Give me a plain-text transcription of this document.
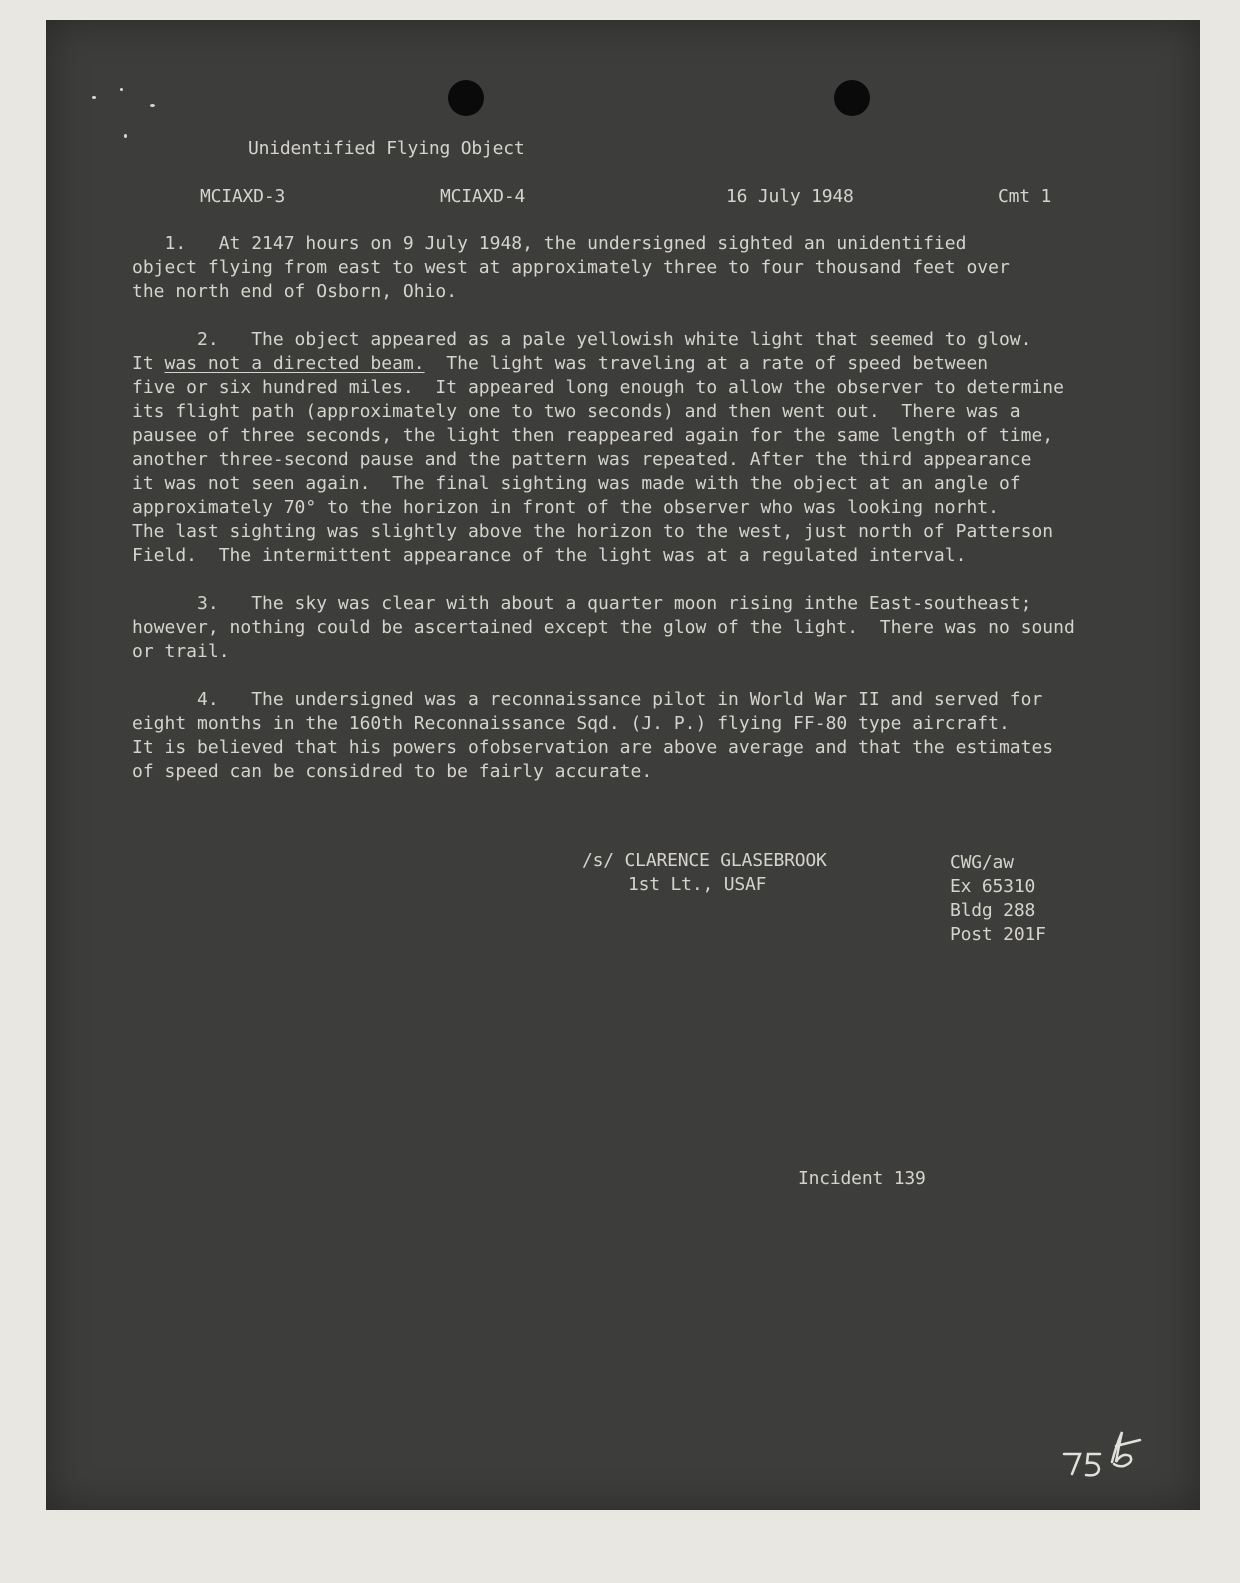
Unidentified Flying Object
MCIAXD-3	MCIAXD-4	16 July 1948	Cmt 1
1.   At 2147 hours on 9 July 1948, the undersigned sighted an unidentified
object flying from east to west at approximately three to four thousand feet over
the north end of Osborn, Ohio.
2.   The object appeared as a pale yellowish white light that seemed to glow.
It was not a directed beam.  The light was traveling at a rate of speed between
five or six hundred miles.  It appeared long enough to allow the observer to determine
its flight path (approximately one to two seconds) and then went out.  There was a
pausee of three seconds, the light then reappeared again for the same length of time,
another three-second pause and the pattern was repeated. After the third appearance
it was not seen again.  The final sighting was made with the object at an angle of
approximately 70° to the horizon in front of the observer who was looking norht.
The last sighting was slightly above the horizon to the west, just north of Patterson
Field.  The intermittent appearance of the light was at a regulated interval.
3.   The sky was clear with about a quarter moon rising inthe East-southeast;
however, nothing could be ascertained except the glow of the light.  There was no sound
or trail.
4.   The undersigned was a reconnaissance pilot in World War II and served for
eight months in the 160th Reconnaissance Sqd. (J. P.) flying FF-80 type aircraft.
It is believed that his powers ofobservation are above average and that the estimates
of speed can be considred to be fairly accurate.
/s/ CLARENCE GLASEBROOK
1st Lt., USAF
CWG/aw
Ex 65310
Bldg 288
Post 201F
Incident 139
